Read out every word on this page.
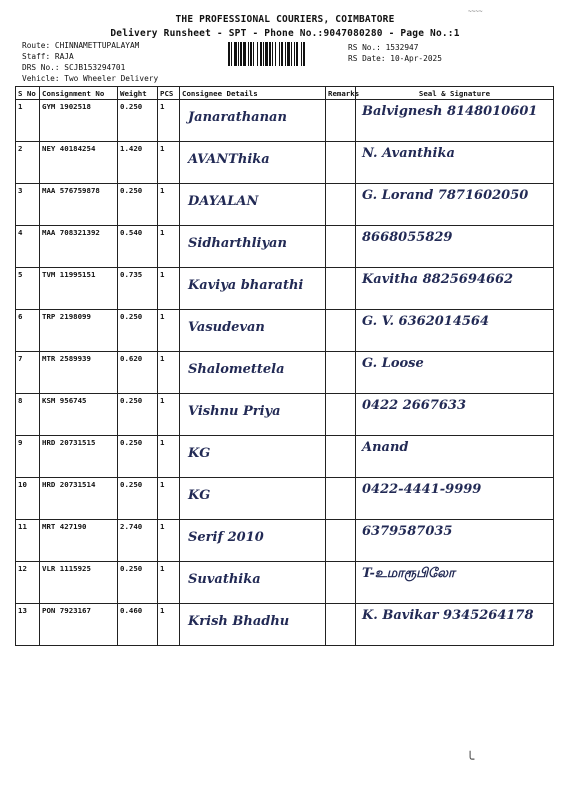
~~~~
THE PROFESSIONAL COURIERS, COIMBATORE
Delivery Runsheet - SPT - Phone No.:9047080280 - Page No.:1
Route: CHINNAMETTUPALAYAM
Staff: RAJA
DRS No.: SCJB153294701
Vehicle: Two Wheeler Delivery
RS No.: 1532947
RS Date: 10-Apr-2025
S No	Consignment No	Weight	PCS	Consignee Details	Remarks	Seal & Signature
1	GYM 1902518	0.250	1	Janarathanan		Balvignesh 8148010601

2	NEY 40184254	1.420	1	AVANThika		N. Avanthika

3	MAA 576759878	0.250	1	DAYALAN		G. Lorand 7871602050

4	MAA 708321392	0.540	1	Sidharthliyan		8668055829

5	TVM 11995151	0.735	1	Kaviya bharathi		Kavitha 8825694662

6	TRP 2198099	0.250	1	Vasudevan		G. V. 6362014564

7	MTR 2589939	0.620	1	Shalomettela		G. Loose

8	KSM 956745	0.250	1	Vishnu Priya		0422 2667633

9	HRD 20731515	0.250	1	KG		Anand

10	HRD 20731514	0.250	1	KG		0422-4441-9999

11	MRT 427190	2.740	1	Serif 2010		6379587035

12	VLR 1115925	0.250	1	Suvathika		T-உமாரூபிலோ

13	PON 7923167	0.460	1	Krish Bhadhu		K. Bavikar 9345264178
╰
